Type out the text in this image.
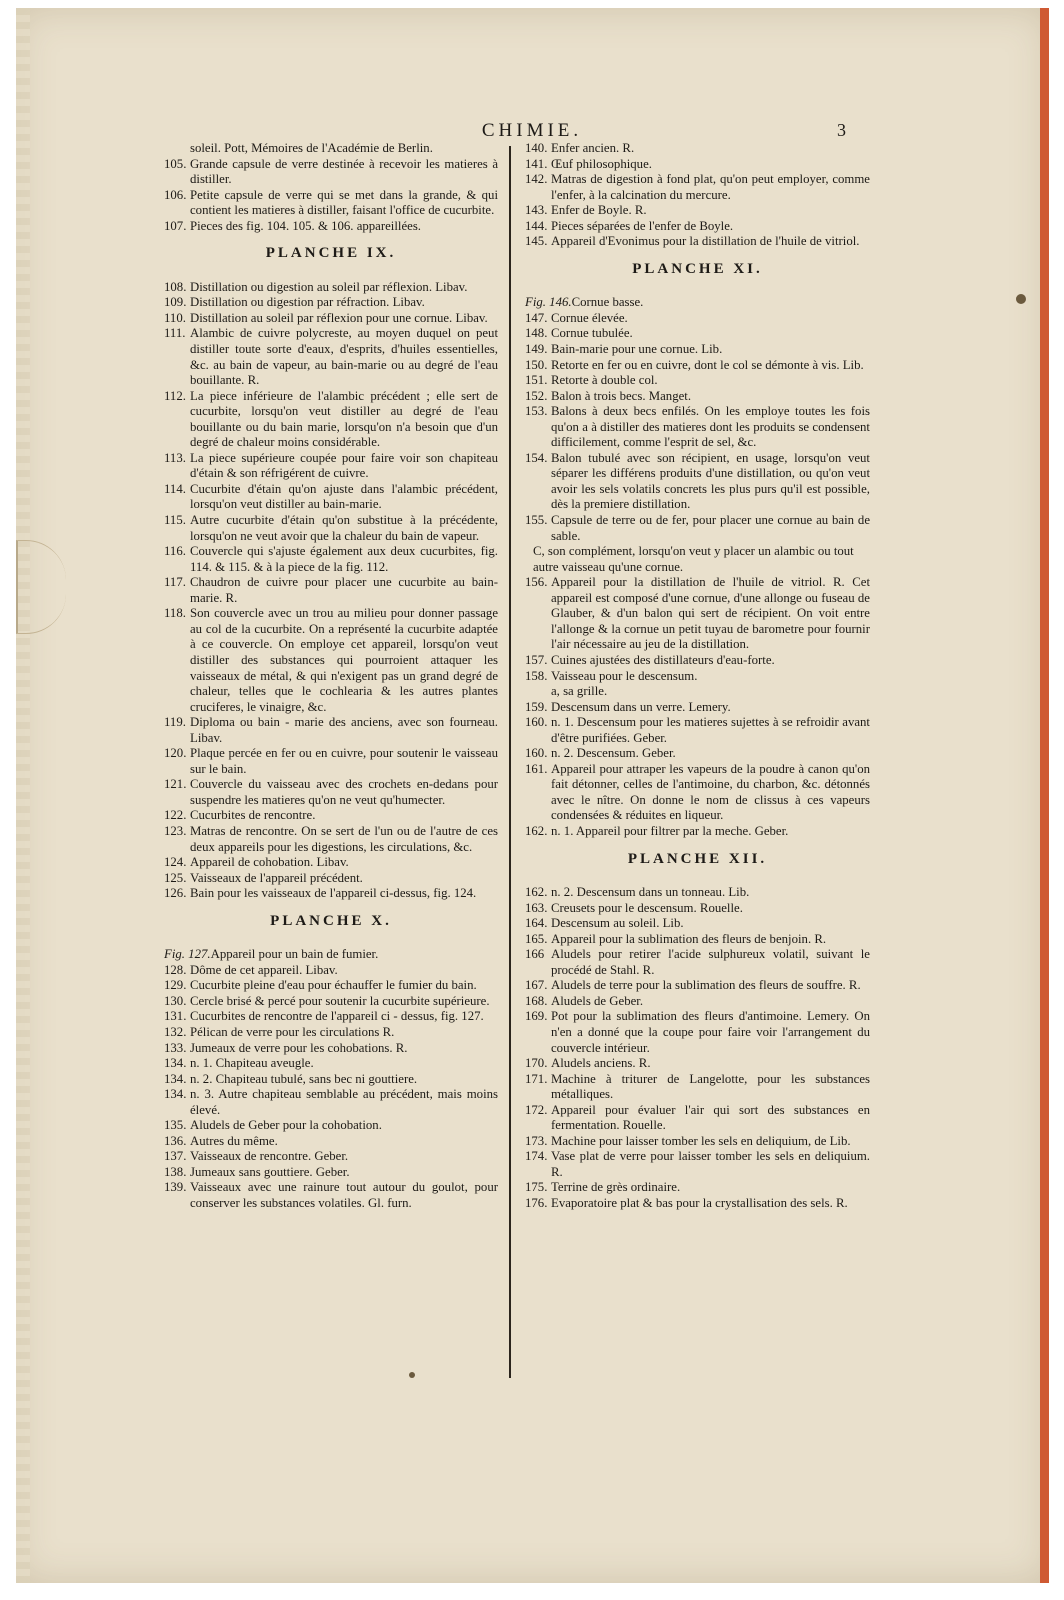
CHIMIE.	3

soleil. Pott, Mémoires de l'Académie de Berlin.

105. Grande capsule de verre destinée à recevoir les matieres à distiller.
106. Petite capsule de verre qui se met dans la grande, & qui contient les matieres à distiller, faisant l'office de cucurbite.
107. Pieces des fig. 104. 105. & 106. appareillées.
PLANCHE IX.
108. Distillation ou digestion au soleil par réflexion. Libav.
109. Distillation ou digestion par réfraction. Libav.
110. Distillation au soleil par réflexion pour une cornue. Libav.
111. Alambic de cuivre polycreste, au moyen duquel on peut distiller toute sorte d'eaux, d'esprits, d'huiles essentielles, &c. au bain de vapeur, au bain-marie ou au degré de l'eau bouillante. R.
112. La piece inférieure de l'alambic précédent ; elle sert de cucurbite, lorsqu'on veut distiller au degré de l'eau bouillante ou du bain marie, lorsqu'on n'a besoin que d'un degré de chaleur moins considérable.
113. La piece supérieure coupée pour faire voir son chapiteau d'étain & son réfrigérent de cuivre.
114. Cucurbite d'étain qu'on ajuste dans l'alambic précédent, lorsqu'on veut distiller au bain-marie.
115. Autre cucurbite d'étain qu'on substitue à la précédente, lorsqu'on ne veut avoir que la chaleur du bain de vapeur.
116. Couvercle qui s'ajuste également aux deux cucurbites, fig. 114. & 115. & à la piece de la fig. 112.
117. Chaudron de cuivre pour placer une cucurbite au bain-marie. R.
118. Son couvercle avec un trou au milieu pour donner passage au col de la cucurbite. On a représenté la cucurbite adaptée à ce couvercle. On employe cet appareil, lorsqu'on veut distiller des substances qui pourroient attaquer les vaisseaux de métal, & qui n'exigent pas un grand degré de chaleur, telles que le cochlearia & les autres plantes cruciferes, le vinaigre, &c.
119. Diploma ou bain - marie des anciens, avec son fourneau. Libav.
120. Plaque percée en fer ou en cuivre, pour soutenir le vaisseau sur le bain.
121. Couvercle du vaisseau avec des crochets en-dedans pour suspendre les matieres qu'on ne veut qu'humecter.
122. Cucurbites de rencontre.
123. Matras de rencontre. On se sert de l'un ou de l'autre de ces deux appareils pour les digestions, les circulations, &c.
124. Appareil de cohobation. Libav.
125. Vaisseaux de l'appareil précédent.
126. Bain pour les vaisseaux de l'appareil ci-dessus, fig. 124.
PLANCHE X.
Fig. 127. Appareil pour un bain de fumier.
128. Dôme de cet appareil. Libav.
129. Cucurbite pleine d'eau pour échauffer le fumier du bain.
130. Cercle brisé & percé pour soutenir la cucurbite supérieure.
131. Cucurbites de rencontre de l'appareil ci - dessus, fig. 127.
132. Pélican de verre pour les circulations R.
133. Jumeaux de verre pour les cohobations. R.
134. n. 1. Chapiteau aveugle.
134. n. 2. Chapiteau tubulé, sans bec ni gouttiere.
134. n. 3. Autre chapiteau semblable au précédent, mais moins élevé.
135. Aludels de Geber pour la cohobation.
136. Autres du même.
137. Vaisseaux de rencontre. Geber.
138. Jumeaux sans gouttiere. Geber.
139. Vaisseaux avec une rainure tout autour du goulot, pour conserver les substances volatiles. Gl. furn.
140. Enfer ancien. R.
141. Œuf philosophique.
142. Matras de digestion à fond plat, qu'on peut employer, comme l'enfer, à la calcination du mercure.
143. Enfer de Boyle. R.
144. Pieces séparées de l'enfer de Boyle.
145. Appareil d'Evonimus pour la distillation de l'huile de vitriol.
PLANCHE XI.
Fig. 146. Cornue basse.
147. Cornue élevée.
148. Cornue tubulée.
149. Bain-marie pour une cornue. Lib.
150. Retorte en fer ou en cuivre, dont le col se démonte à vis. Lib.
151. Retorte à double col.
152. Balon à trois becs. Manget.
153. Balons à deux becs enfilés. On les employe toutes les fois qu'on a à distiller des matieres dont les produits se condensent difficilement, comme l'esprit de sel, &c.
154. Balon tubulé avec son récipient, en usage, lorsqu'on veut séparer les différens produits d'une distillation, ou qu'on veut avoir les sels volatils concrets les plus purs qu'il est possible, dès la premiere distillation.
155. Capsule de terre ou de fer, pour placer une cornue au bain de sable.

C, son complément, lorsqu'on veut y placer un alambic ou tout autre vaisseau qu'une cornue.

156. Appareil pour la distillation de l'huile de vitriol. R. Cet appareil est composé d'une cornue, d'une allonge ou fuseau de Glauber, & d'un balon qui sert de récipient. On voit entre l'allonge & la cornue un petit tuyau de barometre pour fournir l'air nécessaire au jeu de la distillation.
157. Cuines ajustées des distillateurs d'eau-forte.
158. Vaisseau pour le descensum.

a, sa grille.

159. Descensum dans un verre. Lemery.
160. n. 1. Descensum pour les matieres sujettes à se refroidir avant d'être purifiées. Geber.
160. n. 2. Descensum. Geber.
161. Appareil pour attraper les vapeurs de la poudre à canon qu'on fait détonner, celles de l'antimoine, du charbon, &c. détonnés avec le nître. On donne le nom de clissus à ces vapeurs condensées & réduites en liqueur.
162. n. 1. Appareil pour filtrer par la meche. Geber.
PLANCHE XII.
162. n. 2. Descensum dans un tonneau. Lib.
163. Creusets pour le descensum. Rouelle.
164. Descensum au soleil. Lib.
165. Appareil pour la sublimation des fleurs de benjoin. R.
166 Aludels pour retirer l'acide sulphureux volatil, suivant le procédé de Stahl. R.
167. Aludels de terre pour la sublimation des fleurs de souffre. R.
168. Aludels de Geber.
169. Pot pour la sublimation des fleurs d'antimoine. Lemery. On n'en a donné que la coupe pour faire voir l'arrangement du couvercle intérieur.
170. Aludels anciens. R.
171. Machine à triturer de Langelotte, pour les substances métalliques.
172. Appareil pour évaluer l'air qui sort des substances en fermentation. Rouelle.
173. Machine pour laisser tomber les sels en deliquium, de Lib.
174. Vase plat de verre pour laisser tomber les sels en deliquium. R.
175. Terrine de grès ordinaire.
176. Evaporatoire plat & bas pour la crystallisation des sels. R.
